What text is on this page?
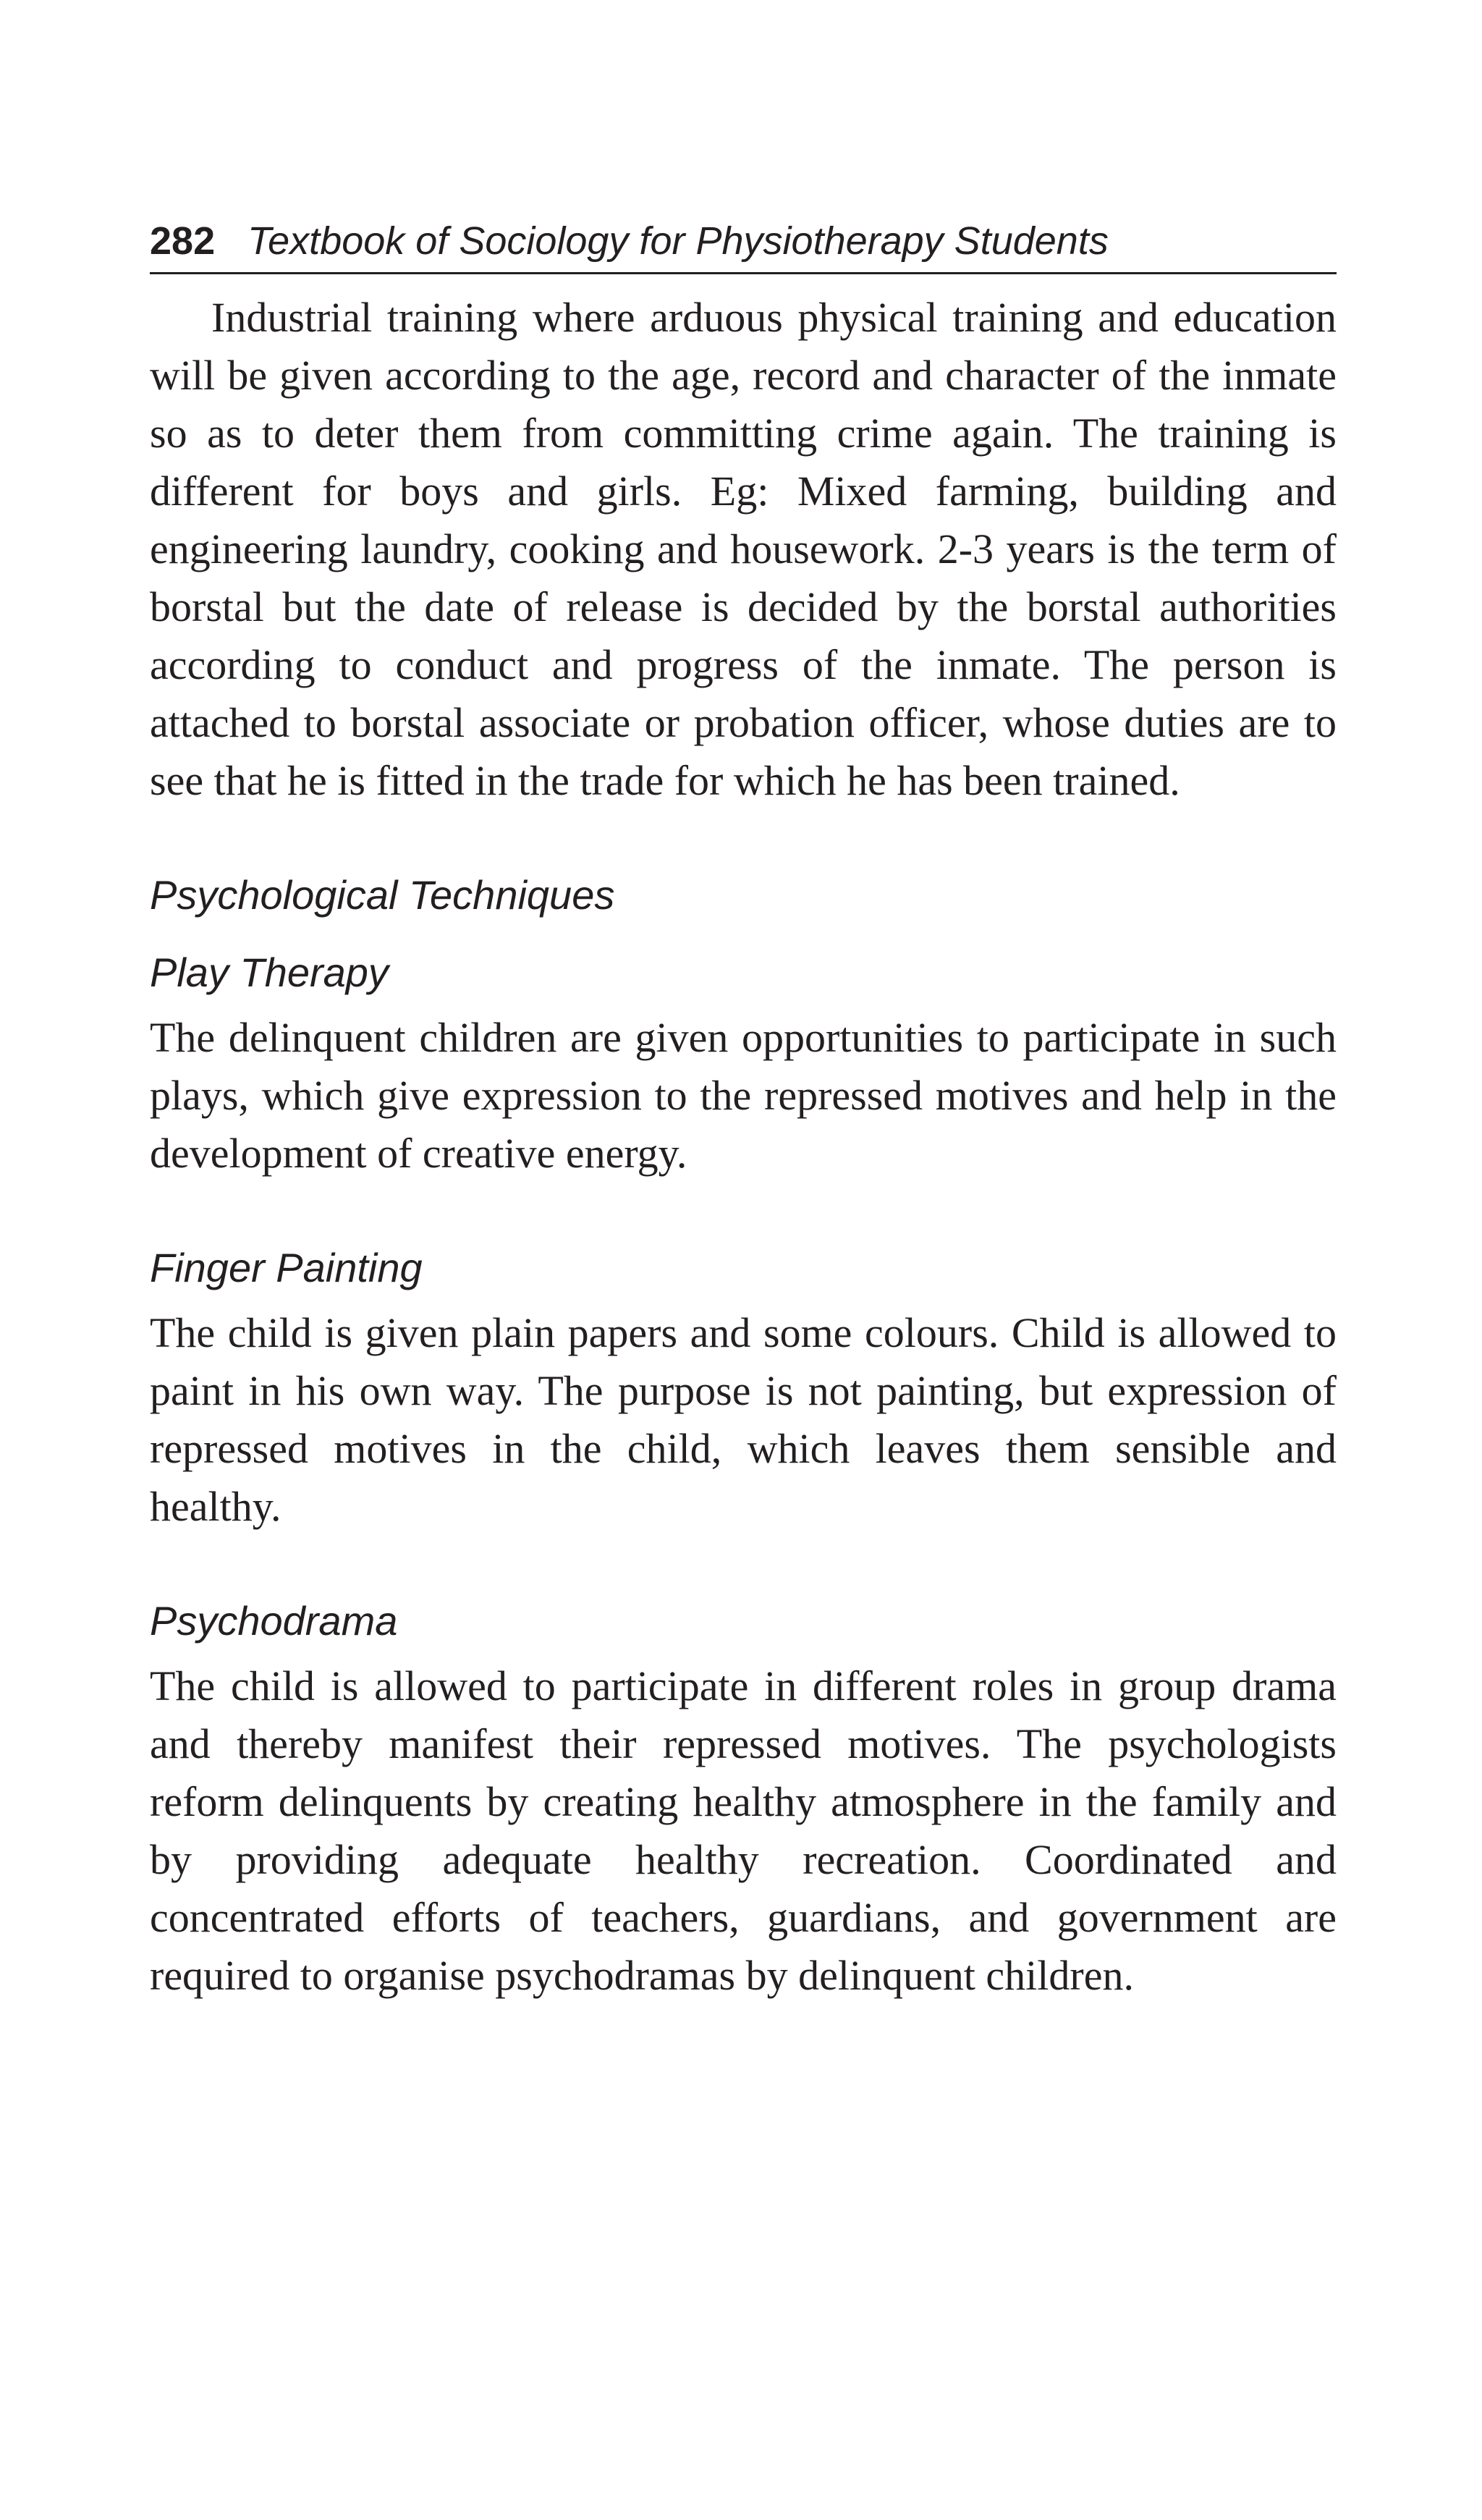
282 Textbook of Sociology for Physiotherapy Students

Industrial training where arduous physical training and education will be given according to the age, record and character of the inmate so as to deter them from committing crime again. The training is different for boys and girls. Eg: Mixed farming, building and engineering laundry, cooking and housework. 2-3 years is the term of borstal but the date of release is decided by the borstal authorities according to conduct and progress of the inmate. The person is attached to borstal associate or probation officer, whose duties are to see that he is fitted in the trade for which he has been trained.

Psychological Techniques

Play Therapy

The delinquent children are given opportunities to participate in such plays, which give expression to the repressed motives and help in the development of creative energy.

Finger Painting

The child is given plain papers and some colours. Child is allowed to paint in his own way. The purpose is not painting, but expression of repressed motives in the child, which leaves them sensible and healthy.

Psychodrama

The child is allowed to participate in different roles in group drama and thereby manifest their repressed motives. The psychologists reform delinquents by creating healthy atmosphere in the family and by providing adequate healthy recreation. Coordinated and concentrated efforts of teachers, guardians, and government are required to organise psychodramas by delinquent children.
